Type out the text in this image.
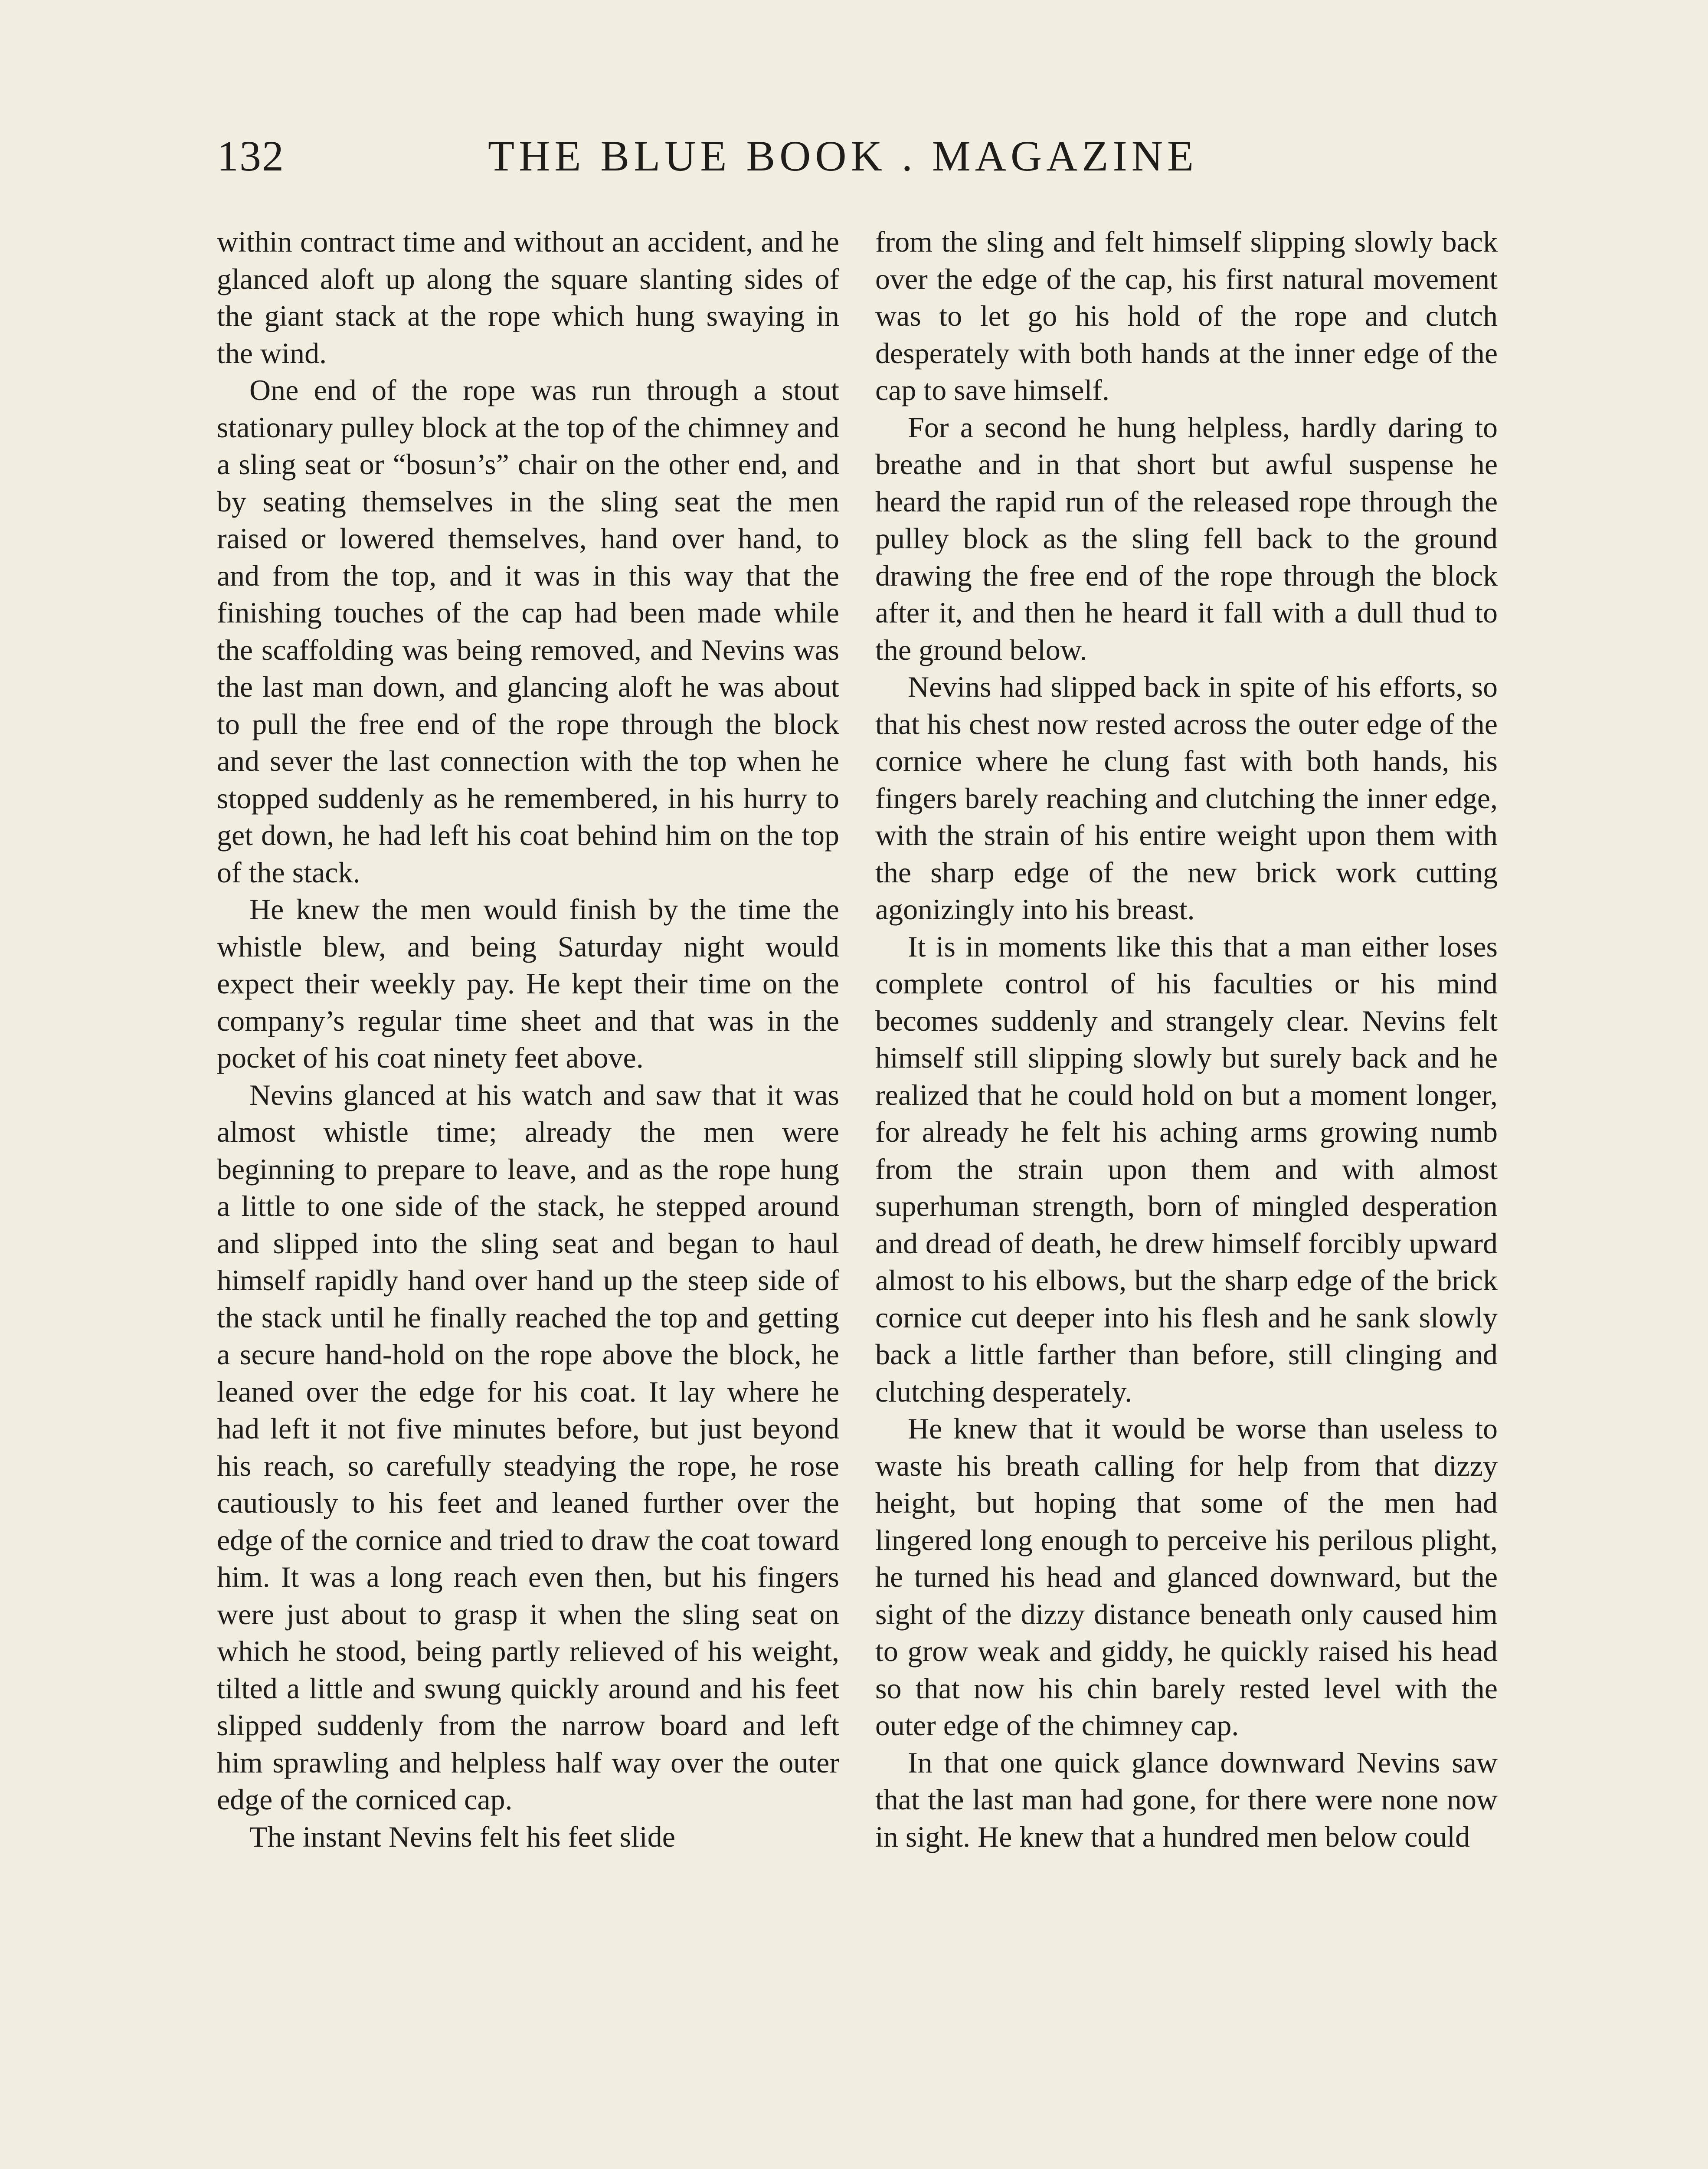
132	THE BLUE BOOK . MAGAZINE

within contract time and without an accident, and he glanced aloft up along the square slanting sides of the giant stack at the rope which hung swaying in the wind.

One end of the rope was run through a stout stationary pulley block at the top of the chimney and a sling seat or “bosun’s” chair on the other end, and by seating themselves in the sling seat the men raised or lowered themselves, hand over hand, to and from the top, and it was in this way that the finishing touches of the cap had been made while the scaffolding was being removed, and Nevins was the last man down, and glancing aloft he was about to pull the free end of the rope through the block and sever the last connection with the top when he stopped suddenly as he remembered, in his hurry to get down, he had left his coat behind him on the top of the stack.

He knew the men would finish by the time the whistle blew, and being Saturday night would expect their weekly pay. He kept their time on the company’s regular time sheet and that was in the pocket of his coat ninety feet above.

Nevins glanced at his watch and saw that it was almost whistle time; already the men were beginning to prepare to leave, and as the rope hung a little to one side of the stack, he stepped around and slipped into the sling seat and began to haul himself rapidly hand over hand up the steep side of the stack until he finally reached the top and getting a secure hand-hold on the rope above the block, he leaned over the edge for his coat. It lay where he had left it not five minutes before, but just beyond his reach, so carefully steadying the rope, he rose cautiously to his feet and leaned further over the edge of the cornice and tried to draw the coat toward him. It was a long reach even then, but his fingers were just about to grasp it when the sling seat on which he stood, being partly relieved of his weight, tilted a little and swung quickly around and his feet slipped suddenly from the narrow board and left him sprawling and helpless half way over the outer edge of the corniced cap.

The instant Nevins felt his feet slide

from the sling and felt himself slipping slowly back over the edge of the cap, his first natural movement was to let go his hold of the rope and clutch desperately with both hands at the inner edge of the cap to save himself.

For a second he hung helpless, hardly daring to breathe and in that short but awful suspense he heard the rapid run of the released rope through the pulley block as the sling fell back to the ground drawing the free end of the rope through the block after it, and then he heard it fall with a dull thud to the ground below.

Nevins had slipped back in spite of his efforts, so that his chest now rested across the outer edge of the cornice where he clung fast with both hands, his fingers barely reaching and clutching the inner edge, with the strain of his entire weight upon them with the sharp edge of the new brick work cutting agonizingly into his breast.

It is in moments like this that a man either loses complete control of his faculties or his mind becomes suddenly and strangely clear. Nevins felt himself still slipping slowly but surely back and he realized that he could hold on but a moment longer, for already he felt his aching arms growing numb from the strain upon them and with almost superhuman strength, born of mingled desperation and dread of death, he drew himself forcibly upward almost to his elbows, but the sharp edge of the brick cornice cut deeper into his flesh and he sank slowly back a little farther than before, still clinging and clutching desperately.

He knew that it would be worse than useless to waste his breath calling for help from that dizzy height, but hoping that some of the men had lingered long enough to perceive his perilous plight, he turned his head and glanced downward, but the sight of the dizzy distance beneath only caused him to grow weak and giddy, he quickly raised his head so that now his chin barely rested level with the outer edge of the chimney cap.

In that one quick glance downward Nevins saw that the last man had gone, for there were none now in sight. He knew that a hundred men below could
